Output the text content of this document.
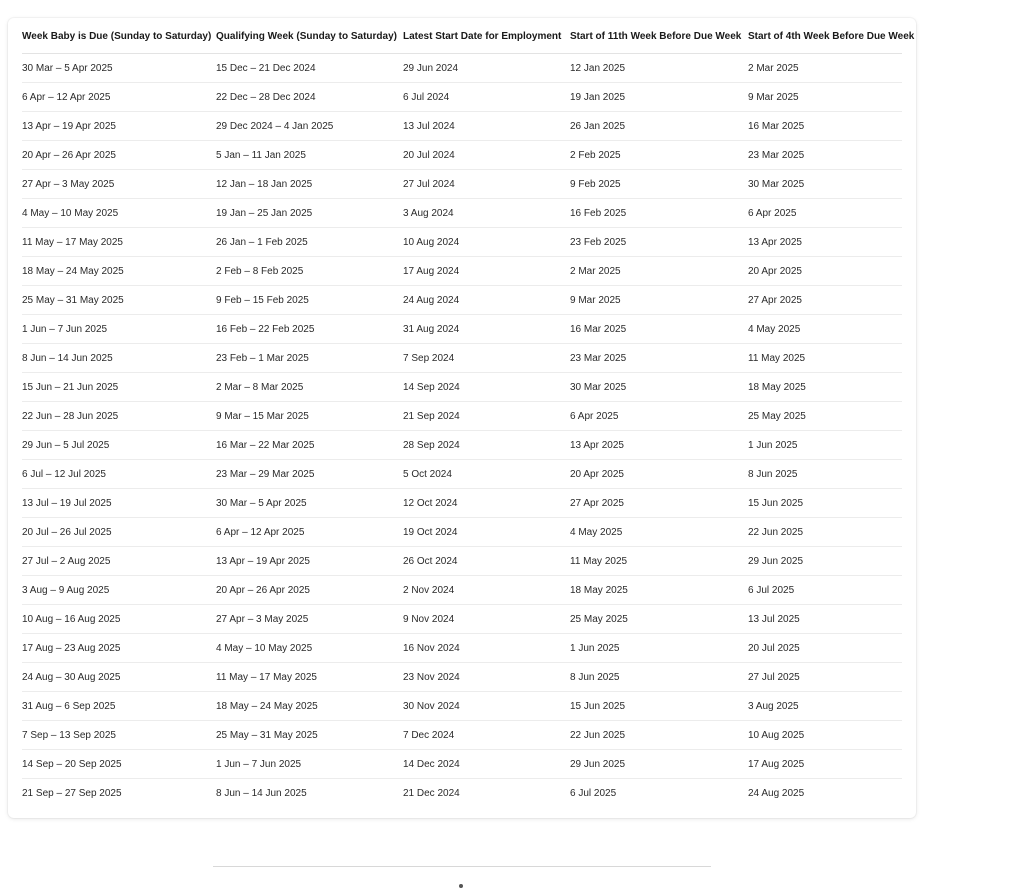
Week Baby is Due (Sunday to Saturday)	Qualifying Week (Sunday to Saturday)	Latest Start Date for Employment	Start of 11th Week Before Due Week	Start of 4th Week Before Due Week
30 Mar – 5 Apr 2025	15 Dec – 21 Dec 2024	29 Jun 2024	12 Jan 2025	2 Mar 2025
6 Apr – 12 Apr 2025	22 Dec – 28 Dec 2024	6 Jul 2024	19 Jan 2025	9 Mar 2025
13 Apr – 19 Apr 2025	29 Dec 2024 – 4 Jan 2025	13 Jul 2024	26 Jan 2025	16 Mar 2025
20 Apr – 26 Apr 2025	5 Jan – 11 Jan 2025	20 Jul 2024	2 Feb 2025	23 Mar 2025
27 Apr – 3 May 2025	12 Jan – 18 Jan 2025	27 Jul 2024	9 Feb 2025	30 Mar 2025
4 May – 10 May 2025	19 Jan – 25 Jan 2025	3 Aug 2024	16 Feb 2025	6 Apr 2025
11 May – 17 May 2025	26 Jan – 1 Feb 2025	10 Aug 2024	23 Feb 2025	13 Apr 2025
18 May – 24 May 2025	2 Feb – 8 Feb 2025	17 Aug 2024	2 Mar 2025	20 Apr 2025
25 May – 31 May 2025	9 Feb – 15 Feb 2025	24 Aug 2024	9 Mar 2025	27 Apr 2025
1 Jun – 7 Jun 2025	16 Feb – 22 Feb 2025	31 Aug 2024	16 Mar 2025	4 May 2025
8 Jun – 14 Jun 2025	23 Feb – 1 Mar 2025	7 Sep 2024	23 Mar 2025	11 May 2025
15 Jun – 21 Jun 2025	2 Mar – 8 Mar 2025	14 Sep 2024	30 Mar 2025	18 May 2025
22 Jun – 28 Jun 2025	9 Mar – 15 Mar 2025	21 Sep 2024	6 Apr 2025	25 May 2025
29 Jun – 5 Jul 2025	16 Mar – 22 Mar 2025	28 Sep 2024	13 Apr 2025	1 Jun 2025
6 Jul – 12 Jul 2025	23 Mar – 29 Mar 2025	5 Oct 2024	20 Apr 2025	8 Jun 2025
13 Jul – 19 Jul 2025	30 Mar – 5 Apr 2025	12 Oct 2024	27 Apr 2025	15 Jun 2025
20 Jul – 26 Jul 2025	6 Apr – 12 Apr 2025	19 Oct 2024	4 May 2025	22 Jun 2025
27 Jul – 2 Aug 2025	13 Apr – 19 Apr 2025	26 Oct 2024	11 May 2025	29 Jun 2025
3 Aug – 9 Aug 2025	20 Apr – 26 Apr 2025	2 Nov 2024	18 May 2025	6 Jul 2025
10 Aug – 16 Aug 2025	27 Apr – 3 May 2025	9 Nov 2024	25 May 2025	13 Jul 2025
17 Aug – 23 Aug 2025	4 May – 10 May 2025	16 Nov 2024	1 Jun 2025	20 Jul 2025
24 Aug – 30 Aug 2025	11 May – 17 May 2025	23 Nov 2024	8 Jun 2025	27 Jul 2025
31 Aug – 6 Sep 2025	18 May – 24 May 2025	30 Nov 2024	15 Jun 2025	3 Aug 2025
7 Sep – 13 Sep 2025	25 May – 31 May 2025	7 Dec 2024	22 Jun 2025	10 Aug 2025
14 Sep – 20 Sep 2025	1 Jun – 7 Jun 2025	14 Dec 2024	29 Jun 2025	17 Aug 2025
21 Sep – 27 Sep 2025	8 Jun – 14 Jun 2025	21 Dec 2024	6 Jul 2025	24 Aug 2025
